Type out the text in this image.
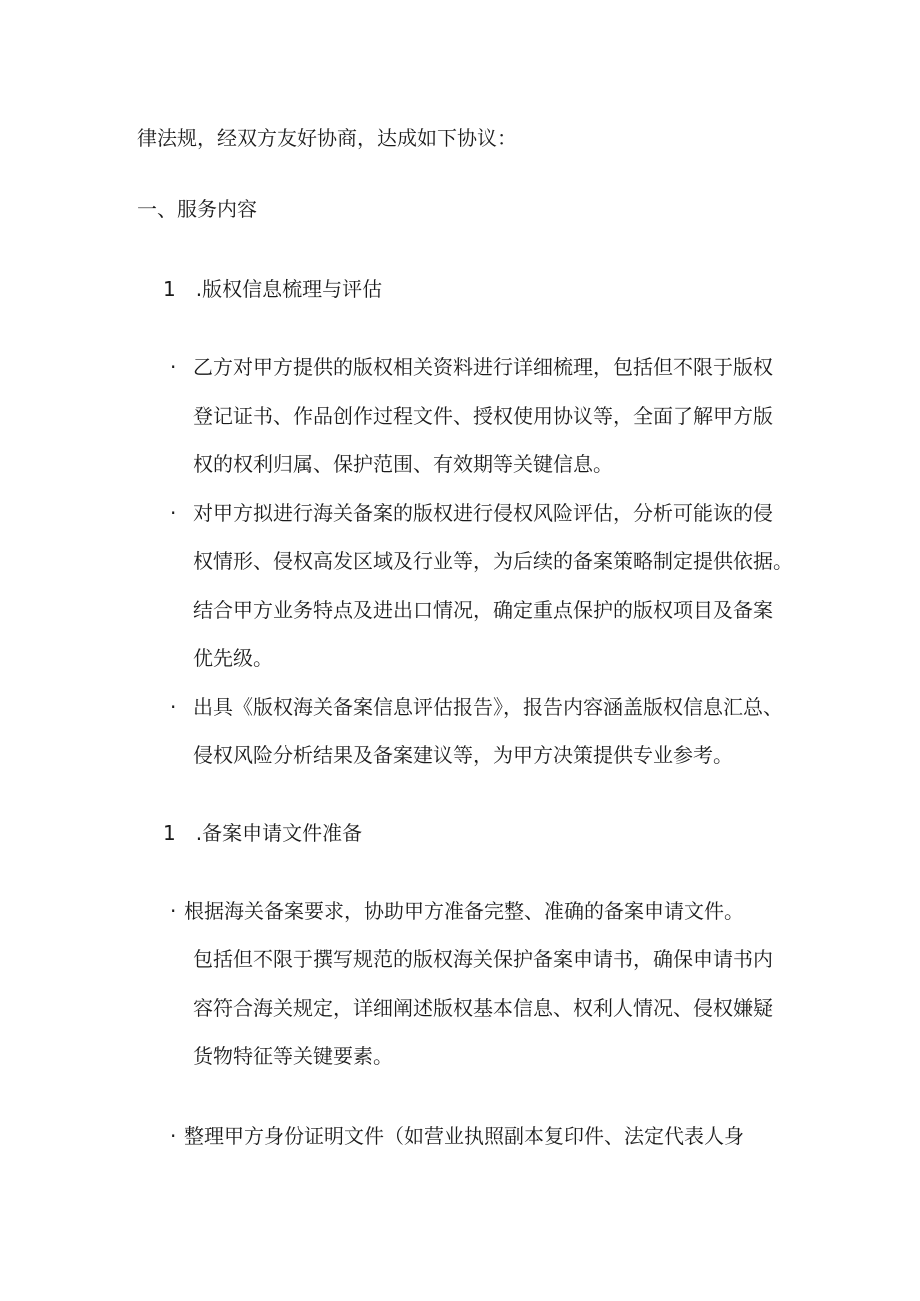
律法规，经双方友好协商，达成如下协议：

一、服务内容

1 .版权信息梳理与评估

· 乙方对甲方提供的版权相关资料进行详细梳理，包括但不限于版权

登记证书、作品创作过程文件、授权使用协议等，全面了解甲方版

权的权利归属、保护范围、有效期等关键信息。

· 对甲方拟进行海关备案的版权进行侵权风险评估，分析可能诙的侵

权情形、侵权高发区域及行业等，为后续的备案策略制定提供依据。

结合甲方业务特点及进出口情况，确定重点保护的版权项目及备案

优先级。

· 出具《版权海关备案信息评估报告》，报告内容涵盖版权信息汇总、

侵权风险分析结果及备案建议等，为甲方决策提供专业参考。

1 .备案申请文件准备

· 根据海关备案要求，协助甲方准备完整、准确的备案申请文件。

包括但不限于撰写规范的版权海关保护备案申请书，确保申请书内

容符合海关规定，详细阐述版权基本信息、权利人情况、侵权嫌疑

货物特征等关键要素。

· 整理甲方身份证明文件（如营业执照副本复印件、法定代表人身
